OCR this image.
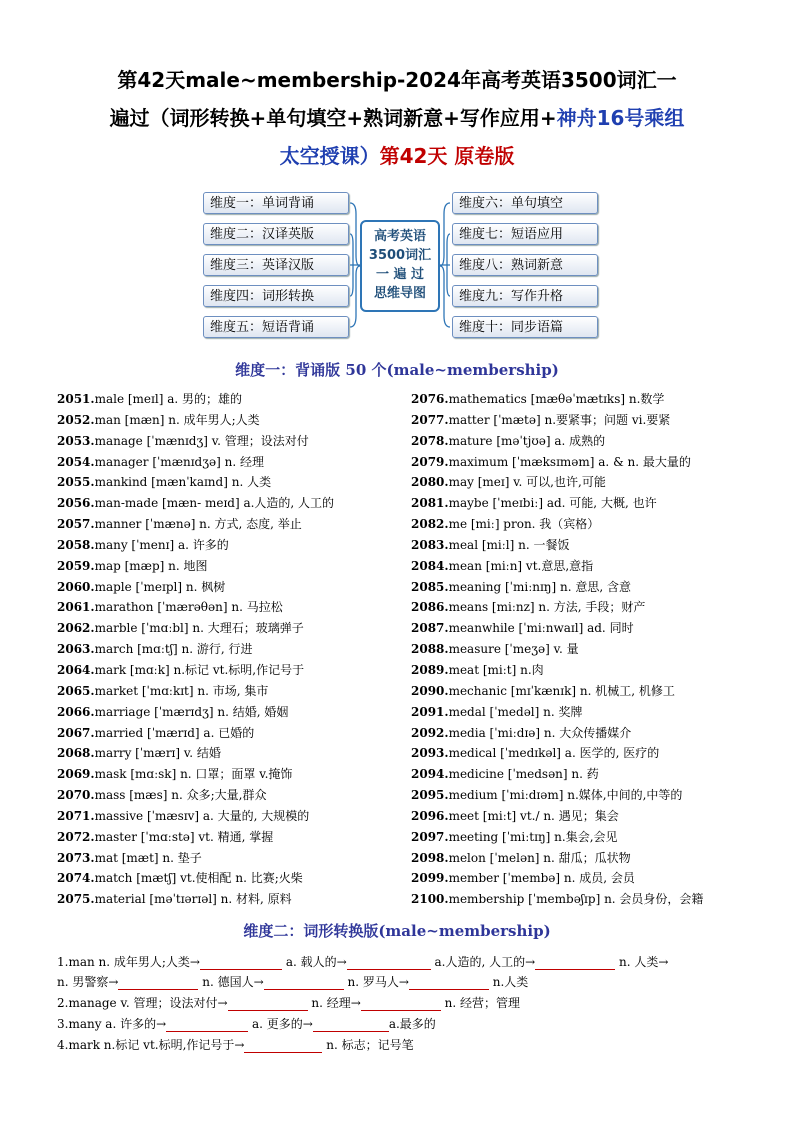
第42天male~membership-2024年高考英语3500词汇一
遍过（词形转换+单句填空+熟词新意+写作应用+神舟16号乘组
太空授课）第42天 原卷版
维度一：单词背诵
维度二：汉译英版
维度三：英译汉版
维度四：词形转换
维度五：短语背诵
维度六：单句填空
维度七：短语应用
维度八：熟词新意
维度九：写作升格
维度十：同步语篇
高考英语
3500词汇
一 遍 过
思维导图
维度一：背诵版 50 个(male~membership)
2051.male [meɪl] a. 男的；雄的
2052.man [mæn] n. 成年男人;人类
2053.manage [ˈmænɪdʒ] v. 管理；设法对付
2054.manager [ˈmænɪdʒə] n. 经理
2055.mankind [mænˈkaɪnd] n. 人类
2056.man-made [mæn- meɪd] a.人造的, 人工的
2057.manner [ˈmænə] n. 方式, 态度, 举止
2058.many [ˈmenɪ] a. 许多的
2059.map [mæp] n. 地图
2060.maple [ˈmeɪpl] n. 枫树
2061.marathon [ˈmærəθən] n. 马拉松
2062.marble [ˈmɑːbl] n. 大理石；玻璃弹子
2063.march [mɑːtʃ] n. 游行, 行进
2064.mark [mɑːk] n.标记 vt.标明,作记号于
2065.market [ˈmɑːkɪt] n. 市场, 集市
2066.marriage [ˈmærɪdʒ] n. 结婚, 婚姻
2067.married [ˈmærɪd] a. 已婚的
2068.marry [ˈmærɪ] v. 结婚
2069.mask [mɑːsk] n. 口罩；面罩 v.掩饰
2070.mass [mæs] n. 众多;大量,群众
2071.massive [ˈmæsɪv] a. 大量的, 大规模的
2072.master [ˈmɑːstə] vt. 精通, 掌握
2073.mat [mæt] n. 垫子
2074.match [mætʃ] vt.使相配 n. 比赛;火柴
2075.material [məˈtɪərɪəl] n. 材料, 原料
2076.mathematics [mæθəˈmætɪks] n.数学
2077.matter [ˈmætə] n.要紧事；问题 vi.要紧
2078.mature [məˈtjʊə] a. 成熟的
2079.maximum [ˈmæksɪməm] a. & n. 最大量的
2080.may [meɪ] v. 可以,也许,可能
2081.maybe [ˈmeɪbiː] ad. 可能, 大概, 也许
2082.me [miː] pron. 我（宾格）
2083.meal [miːl] n. 一餐饭
2084.mean [miːn] vt.意思,意指
2085.meaning [ˈmiːnɪŋ] n. 意思, 含意
2086.means [miːnz] n. 方法, 手段；财产
2087.meanwhile [ˈmiːnwaɪl] ad. 同时
2088.measure [ˈmeʒə] v. 量
2089.meat [miːt] n.肉
2090.mechanic [mɪˈkænɪk] n. 机械工, 机修工
2091.medal [ˈmedəl] n. 奖牌
2092.media [ˈmiːdɪə] n. 大众传播媒介
2093.medical [ˈmedɪkəl] a. 医学的, 医疗的
2094.medicine [ˈmedsən] n. 药
2095.medium [ˈmiːdɪəm] n.媒体,中间的,中等的
2096.meet [miːt] vt./ n. 遇见；集会
2097.meeting [ˈmiːtɪŋ] n.集会,会见
2098.melon [ˈmelən] n. 甜瓜；瓜状物
2099.member [ˈmembə] n. 成员, 会员
2100.membership [ˈmembəʃɪp] n. 会员身份，会籍
维度二：词形转换版(male~membership)
1.man n. 成年男人;人类→	a. 载人的→	a.人造的, 人工的→	n. 人类→
n. 男警察→	n. 德国人→	n. 罗马人→	n.人类
2.manage v. 管理；设法对付→	n. 经理→	n. 经营；管理
3.many a. 许多的→	a. 更多的→	a.最多的
4.mark n.标记 vt.标明,作记号于→	n. 标志；记号笔
